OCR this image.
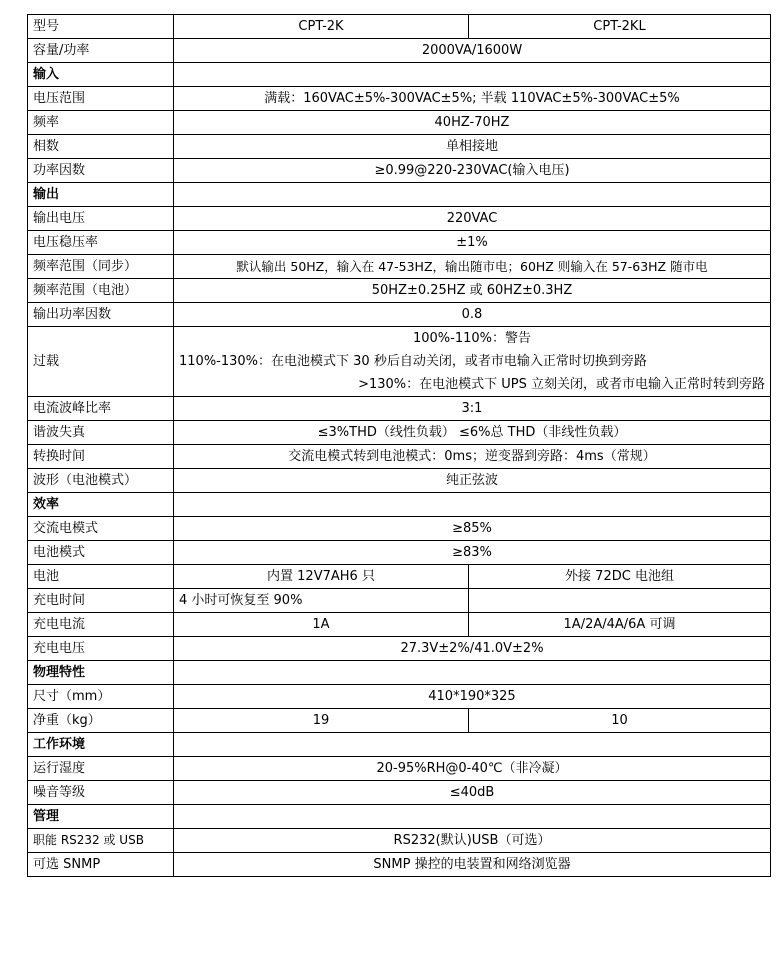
型号	CPT-2K	CPT-2KL
容量/功率	2000VA/1600W	
输入		
电压范围	满载：160VAC±5%-300VAC±5%; 半载 110VAC±5%-300VAC±5%	
频率	40HZ-70HZ	
相数	单相接地	
功率因数	≥0.99@220-230VAC(输入电压)	
输出		
输出电压	220VAC	
电压稳压率	±1%	
频率范围（同步）	默认输出 50HZ，输入在 47-53HZ，输出随市电；60HZ 则输入在 57-63HZ 随市电	
频率范围（电池）	50HZ±0.25HZ 或 60HZ±0.3HZ	
输出功率因数	0.8	
过载	100%-110%：警告
110%-130%：在电池模式下 30 秒后自动关闭，或者市电输入正常时切换到旁路
>130%：在电池模式下 UPS 立刻关闭，或者市电输入正常时转到旁路	

电流波峰比率	3:1	
谐波失真	≤3%THD（线性负载） ≤6%总 THD（非线性负载）	
转换时间	交流电模式转到电池模式：0ms；逆变器到旁路：4ms（常规）	
波形（电池模式）	纯正弦波	
效率		
交流电模式	≥85%	
电池模式	≥83%	
电池	内置 12V7AH6 只	外接 72DC 电池组
充电时间	4 小时可恢复至 90%	
充电电流	1A	1A/2A/4A/6A 可调
充电电压	27.3V±2%/41.0V±2%	
物理特性		
尺寸（mm）	410*190*325	
净重（kg）	19	10
工作环境		
运行湿度	20-95%RH@0-40℃（非冷凝）	
噪音等级	≤40dB	
管理		
职能 RS232 或 USB	RS232(默认)USB（可选）	
可选 SNMP	SNMP 操控的电装置和网络浏览器	
